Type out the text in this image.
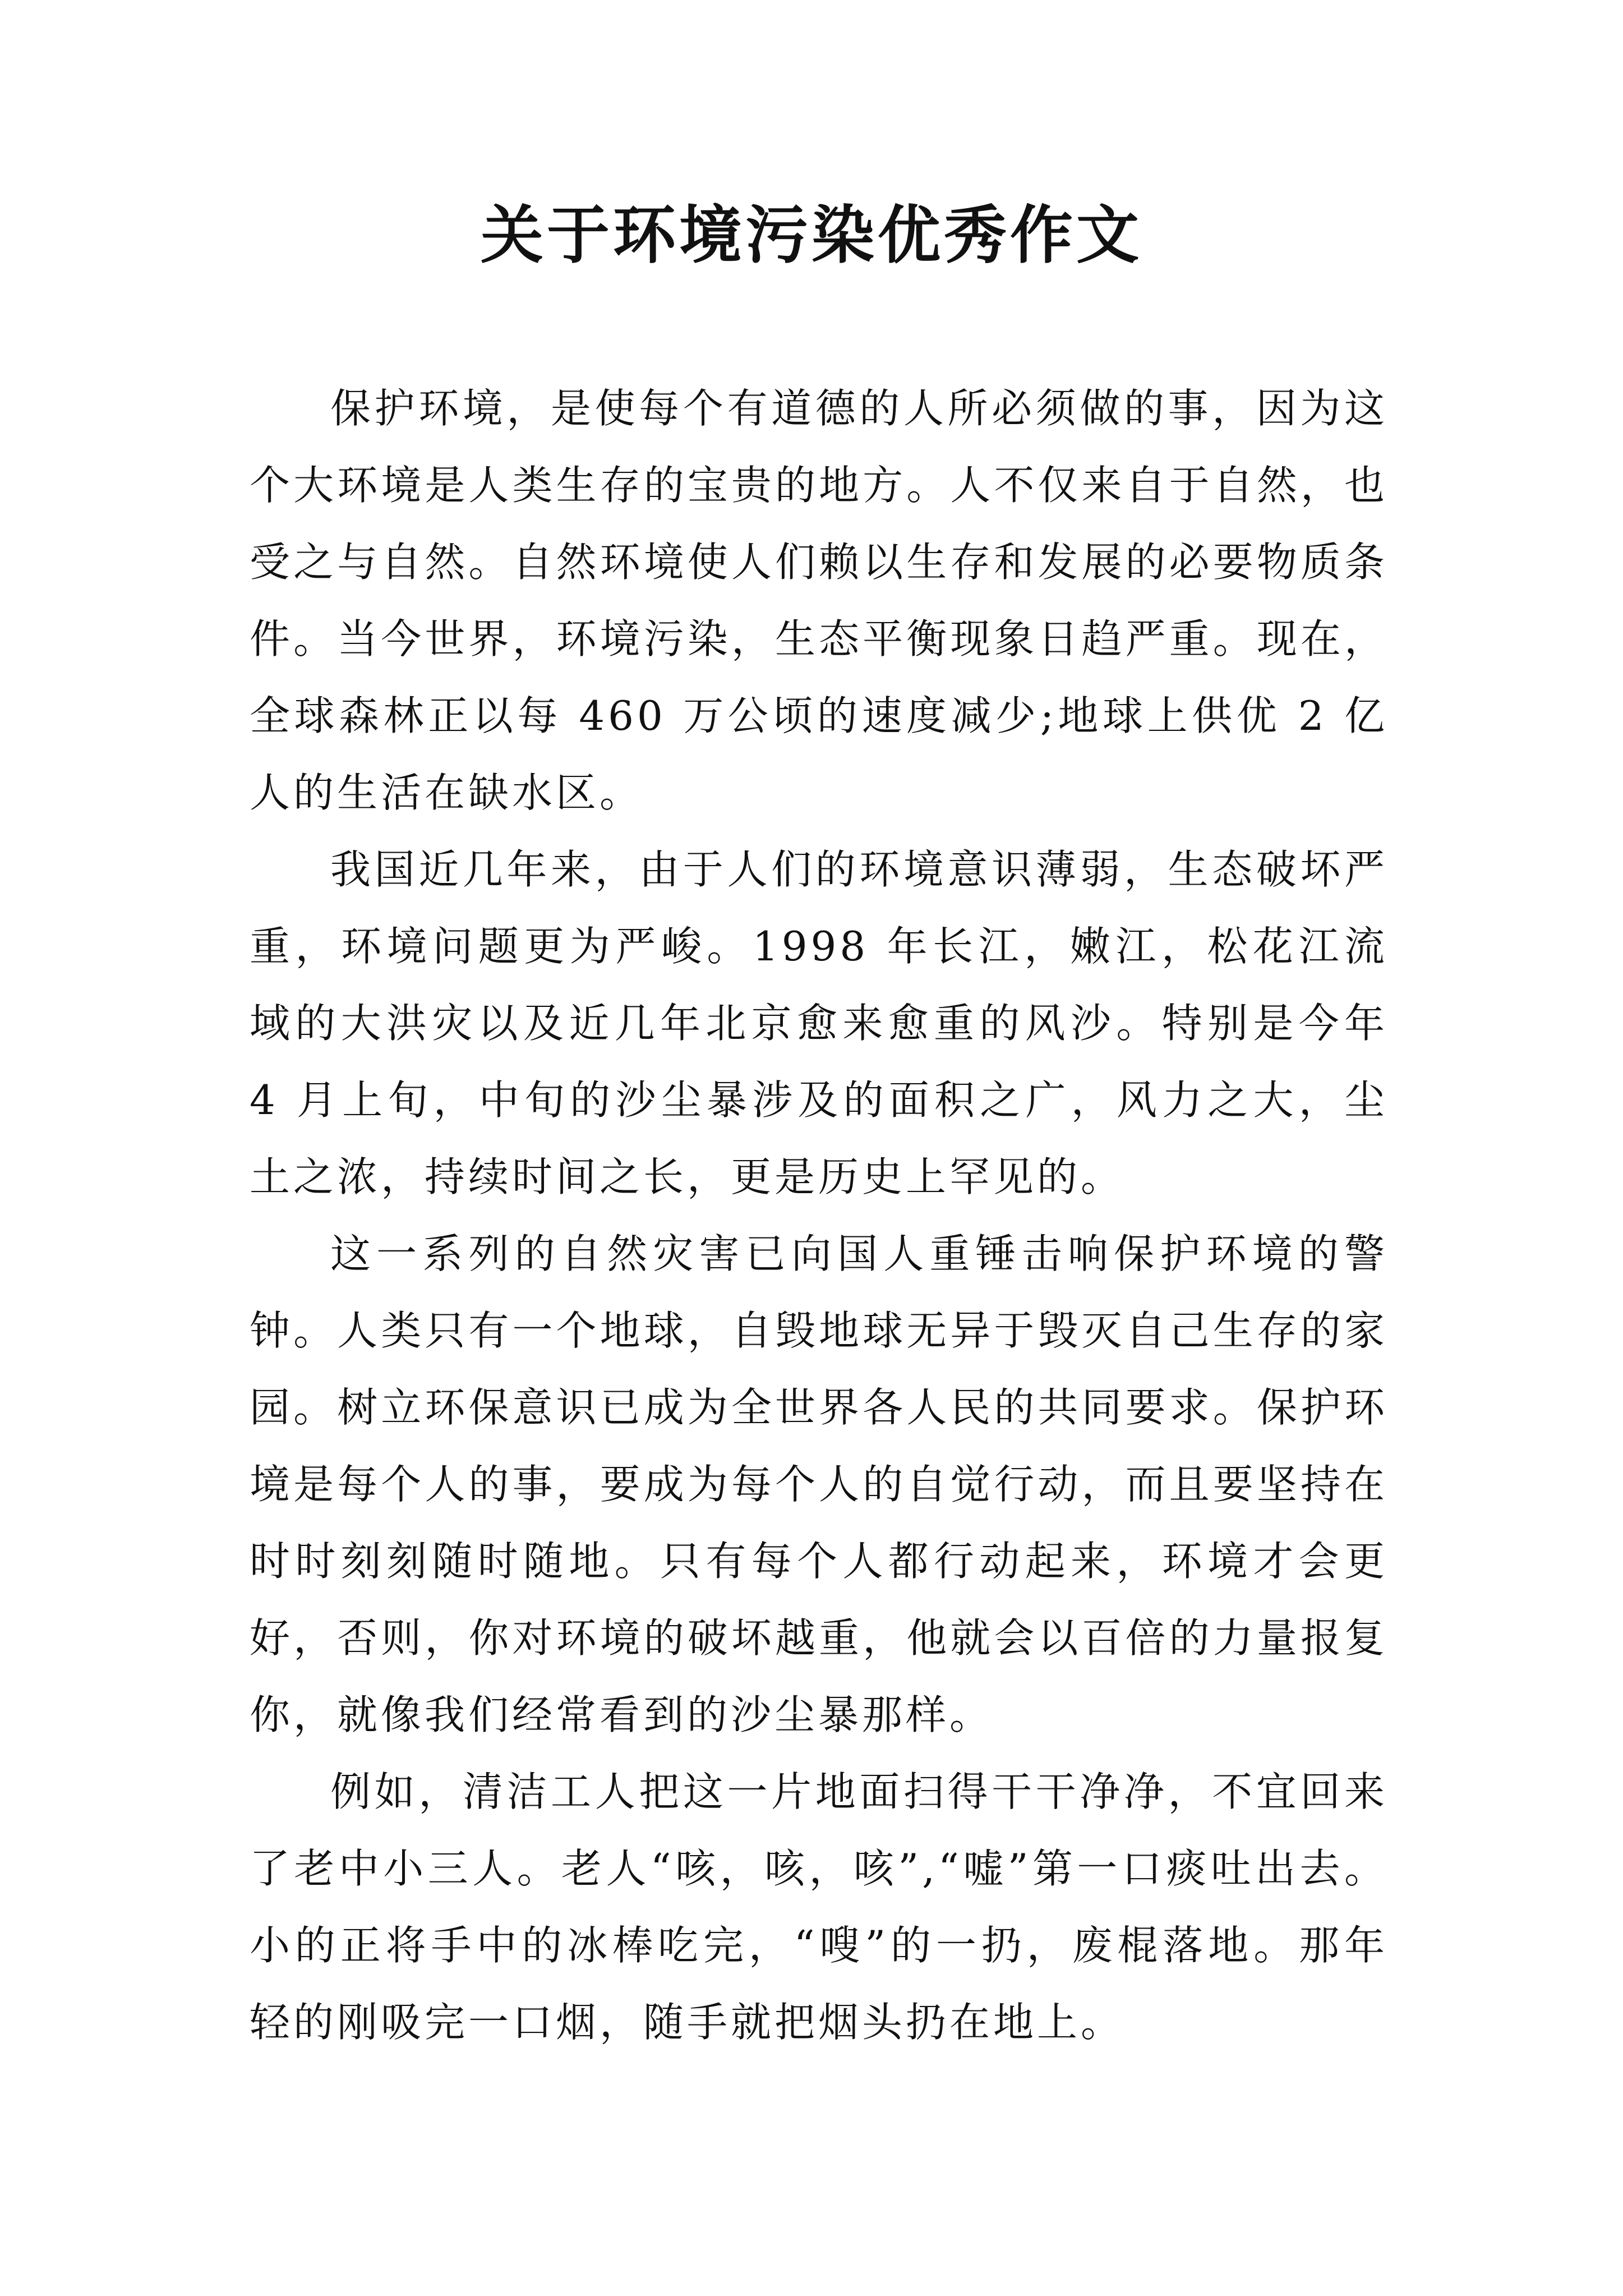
关于环境污染优秀作文

保护环境，是使每个有道德的人所必须做的事，因为这个大环境是人类生存的宝贵的地方。人不仅来自于自然，也受之与自然。自然环境使人们赖以生存和发展的必要物质条件。当今世界，环境污染，生态平衡现象日趋严重。现在，全球森林正以每 460 万公顷的速度减少;地球上供优 2 亿人的生活在缺水区。

我国近几年来，由于人们的环境意识薄弱，生态破坏严重，环境问题更为严峻。1998 年长江，嫩江，松花江流域的大洪灾以及近几年北京愈来愈重的风沙。特别是今年 4 月上旬，中旬的沙尘暴涉及的面积之广，风力之大，尘土之浓，持续时间之长，更是历史上罕见的。

这一系列的自然灾害已向国人重锤击响保护环境的警钟。人类只有一个地球，自毁地球无异于毁灭自己生存的家园。树立环保意识已成为全世界各人民的共同要求。保护环境是每个人的事，要成为每个人的自觉行动，而且要坚持在时时刻刻随时随地。只有每个人都行动起来，环境才会更好，否则，你对环境的破坏越重，他就会以百倍的力量报复你，就像我们经常看到的沙尘暴那样。

例如，清洁工人把这一片地面扫得干干净净，不宜回来了老中小三人。老人“咳，咳，咳”,“嘘”第一口痰吐出去。小的正将手中的冰棒吃完，“嗖”的一扔，废棍落地。那年轻的刚吸完一口烟，随手就把烟头扔在地上。
